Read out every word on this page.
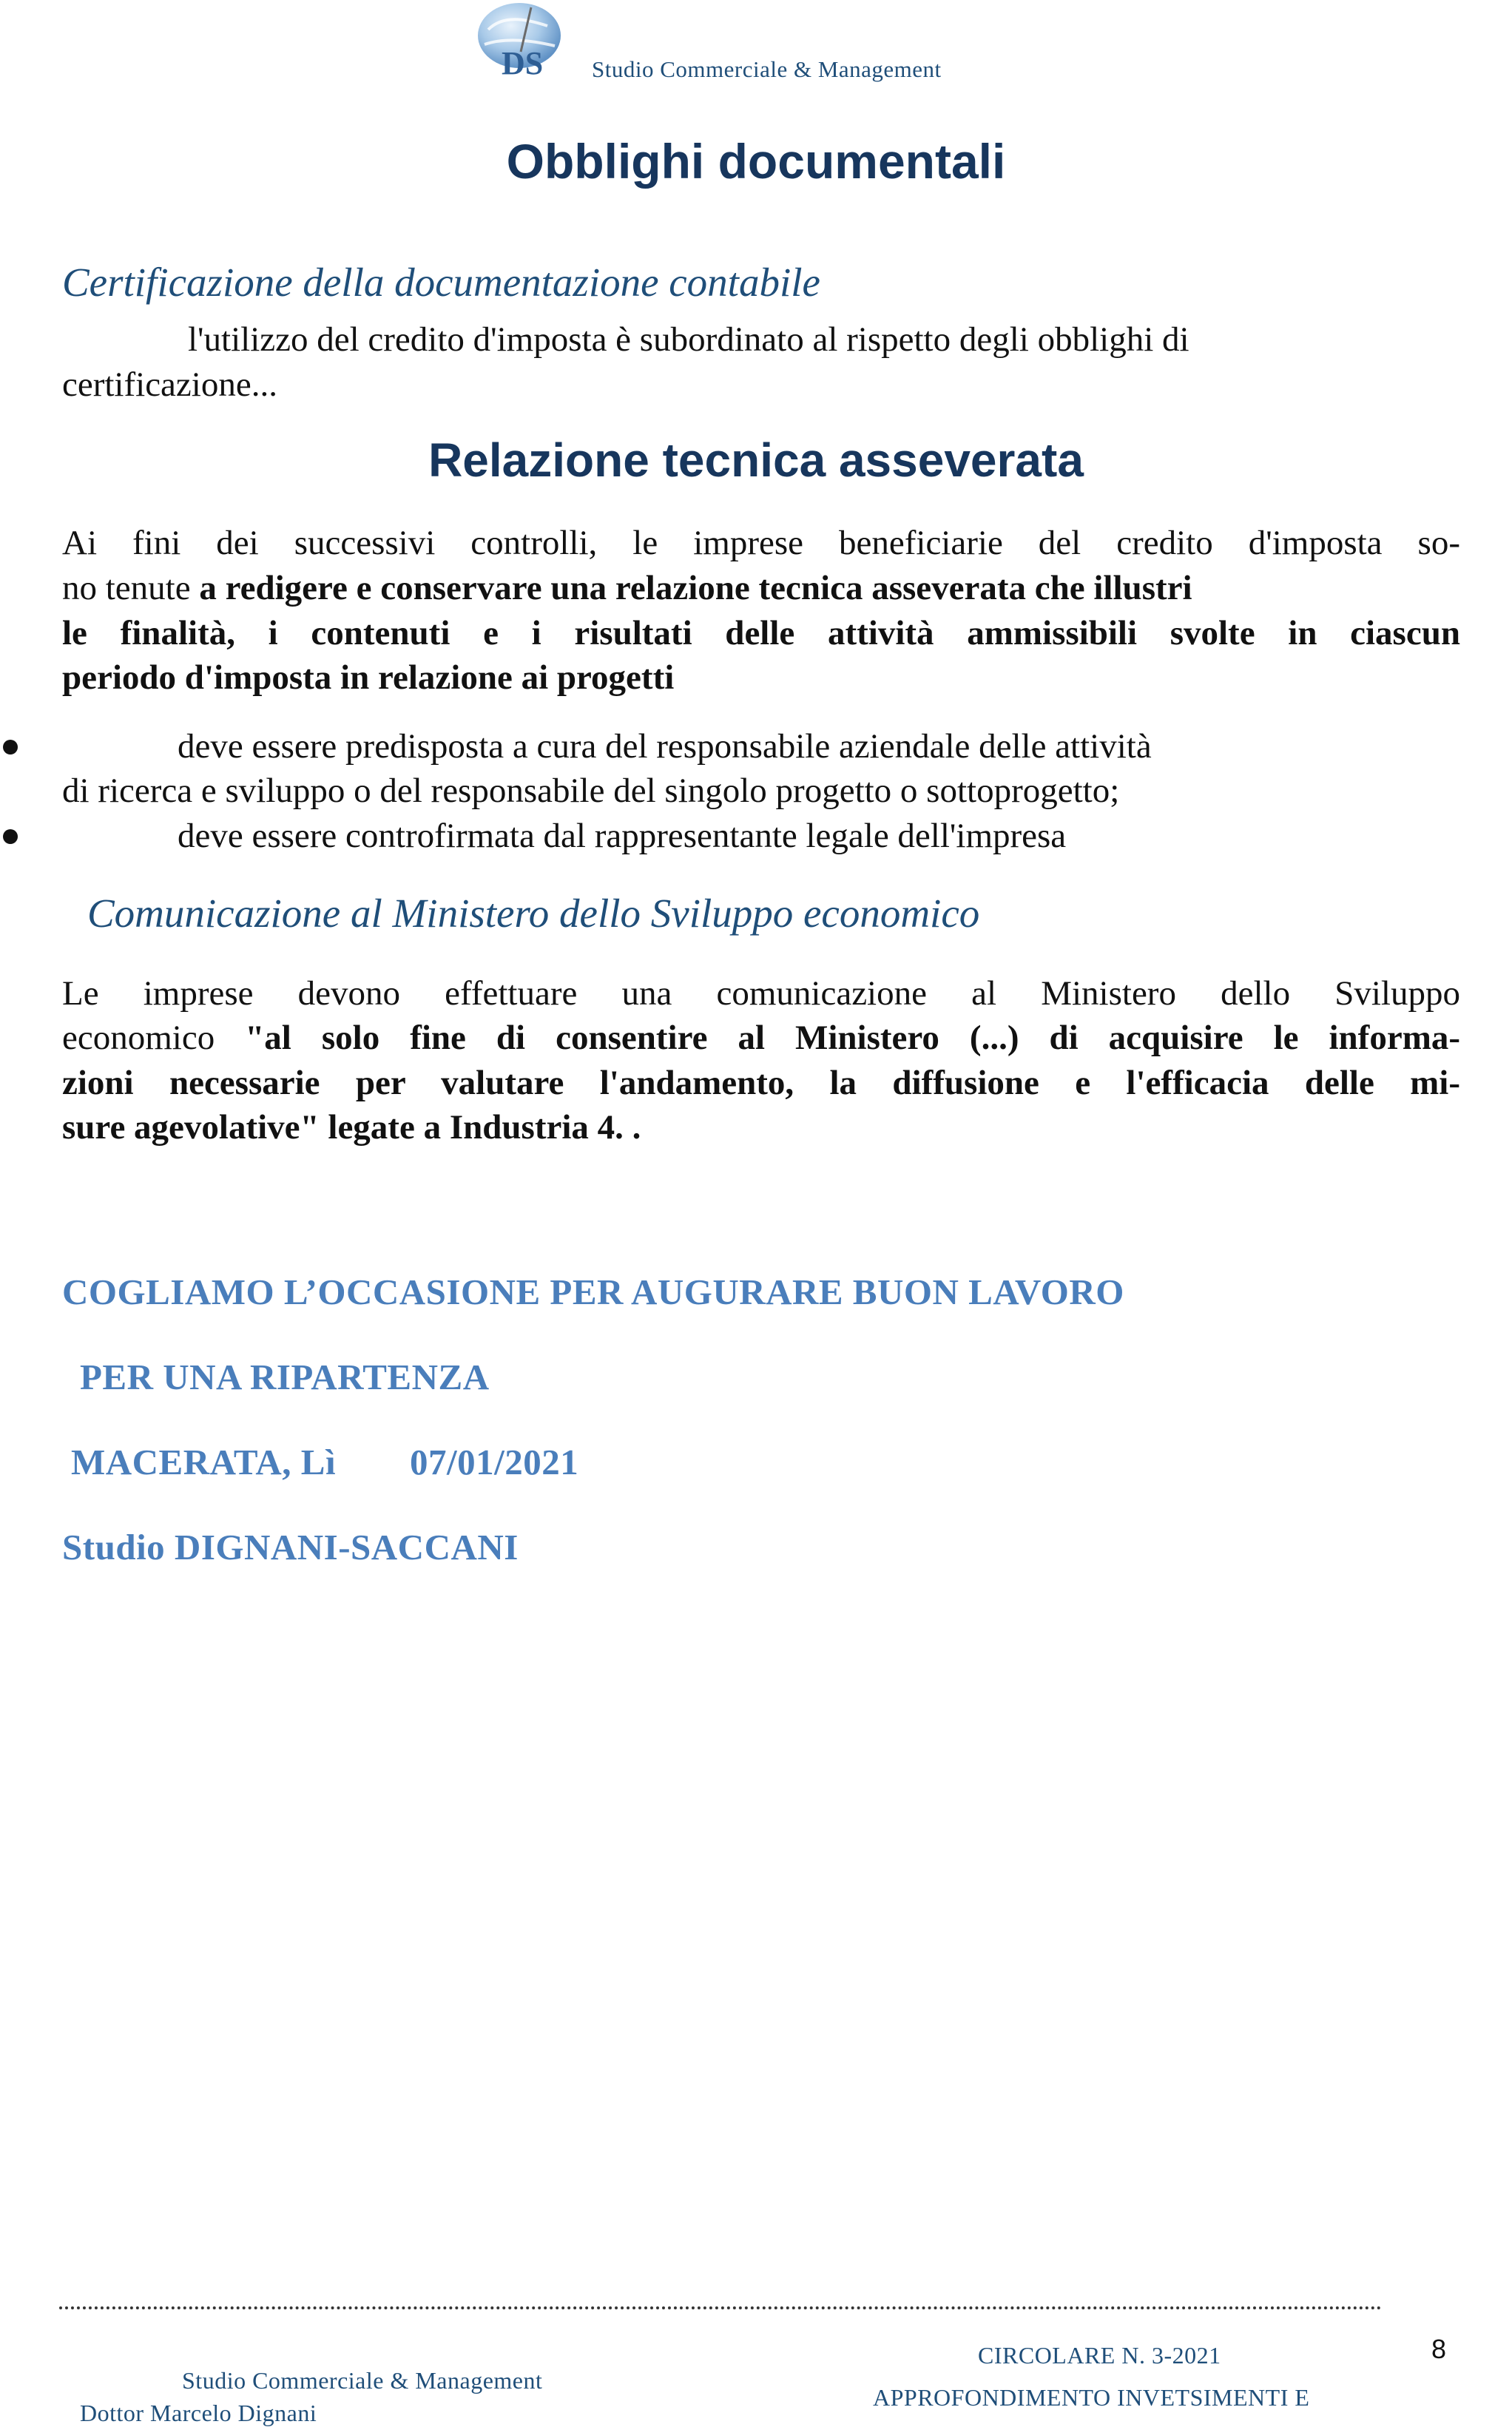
DS Studio Commerciale & Management
Obblighi documentali
Certificazione della documentazione contabile
l'utilizzo del credito d'imposta è subordinato al rispetto degli obblighi di
certificazione...
Relazione tecnica asseverata
Ai fini dei successivi controlli, le imprese beneficiarie del credito d'imposta so-
no tenute a redigere e conservare una relazione tecnica asseverata che illustri
le finalità, i contenuti e i risultati delle attività ammissibili svolte in ciascun
periodo d'imposta in relazione ai progetti
deve essere predisposta a cura del responsabile aziendale delle attività
di ricerca e sviluppo o del responsabile del singolo progetto o sottoprogetto;
deve essere controfirmata dal rappresentante legale dell'impresa
Comunicazione al Ministero dello Sviluppo economico
Le imprese devono effettuare una comunicazione al Ministero dello Sviluppo
economico "al solo fine di consentire al Ministero (...) di acquisire le informa-
zioni necessarie per valutare l'andamento, la diffusione e l'efficacia delle mi-
sure agevolative" legate a Industria 4. .
COGLIAMO L’OCCASIONE PER AUGURARE BUON LAVORO
PER UNA RIPARTENZA
MACERATA, Lì 07/01/2021
Studio DIGNANI-SACCANI
8
Studio Commerciale & Management
Dottor Marcelo Dignani
CIRCOLARE N. 3-2021
APPROFONDIMENTO INVETSIMENTI E
